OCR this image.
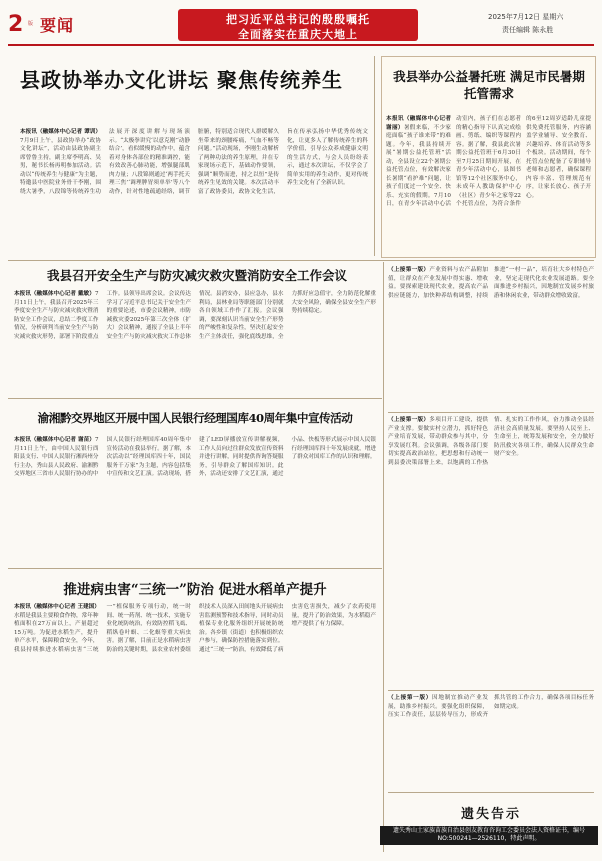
2 版 要闻	把习近平总书记的殷殷嘱托
全面落实在重庆大地上
2025年7月12日 星期六
责任编辑 陈永胜
县政协举办文化讲坛 聚焦传统养生
本报讯（融媒体中心记者 谭训）7月9日上午，县政协举办“政协文化讲坛”，活动由县政协副主席曾鲁主持，副主席李明高、吴男，秘书长杨再明参加活动。活动以“传统养生与健康”为主题，特邀县中医院业务骨干李刚，围绕大暑季，八段锦等传统养生功法展开深度讲解与现场演示。“太极拳讲究‘以意克刚’‘动静结合’，看似缓慢的动作中，蕴含着对身体各部位的精准调控，能有效改善心肺功能，增强腿部肌肉力量；八段锦则通过‘两手托天理三焦’‘调理脾胃须单举’等八个动作，针对性地疏通经络，调节脏腑，特别适合现代人群缓解久坐带来的颈腰疼痛，气血不畅等问题。”活动现场，李刚生动解析了两种功法的养生原理，并在专家现场示范下，基础动作要领，强调“顺势而进，持之以恒”是传统养生见效的关键。本次活动丰富了政协委员，政协文化生活，旨在传承弘扬中华优秀传统文化，让更多人了解传统养生的科学价值，引导公众养成健康文明的生活方式，与会人员纷纷表示，通过本次讲坛，不仅学会了简单实用的养生动作，更对传统养生文化有了全新认识。
我县举办公益暑托班 满足市民暑期托管需求
本报讯（融媒体中心记者 谢丽）暑假来临，不少家庭面临“孩子谁来带”的难题。今年，我县持续开展“暑期公益托管班”活动，全县设立22个暑期公益托管点位，有效解决家长暑期“看护难”问题，让孩子们度过一个安全、快乐、充实的假期。7月10日，在青少年活动中心活动室内，孩子们在志愿者的精心指导下认真完成绘画、剪纸、编织等课程内容。据了解，我县此次暑期公益托管班于6月30日至7月25日期间开展，在青少年活动中心，县图书馆等12个社区服务中心，未成年人教助保护中心（社区）青少年之家等22个托管点位，为符合条件的6至12周岁适龄儿童提供免费托管服务，内容涵盖学业辅导、安全教育、兴趣培养、体育活动等多个板块。活动期间，每个托管点位配备了专职辅导老师和志愿者，确保课程内容丰富、管理规范有序，让家长放心、孩子开心。
我县召开安全生产与防灾减灾救灾暨消防安全工作会议
本报讯（融媒体中心记者 戴敏）7月11日上午，我县召开2025年三季度安全生产与防灾减灾救灾暨消防安全工作会议，总结二季度工作情况，分析研判当前安全生产与防灾减灾救灾形势，部署下阶段重点工作。县领导出席会议。会议传达学习了习近平总书记关于安全生产的重要论述，市委会议精神，市防减救灾委2025年第三次全体（扩大）会议精神，通报了全县上半年安全生产与防灾减灾救灾工作总体情况。县消安办，县应急办，县水利局，县林业局等职能部门分别就各自领域工作作了汇报。会议强调，要深刻认识当前安全生产形势的严峻性和复杂性，坚决扛起安全生产主体责任，强化底线思维，全力抓好应急值守，全力防范化解重大安全风险，确保全县安全生产形势持续稳定。
渝湘黔交界地区开展中国人民银行经理国库40周年集中宣传活动
本报讯（融媒体中心记者 谢苗）7月11日上午，由中国人民银行酉阳县支行、中国人民银行湘西州分行主办，秀山县人民政府、渝湘黔交界地区三省市人民银行协办的中国人民银行经理国库40周年集中宣传活动在我县举行。据了解，本次活动以“经理国库四十年，国民服务千万家”为主题，内容包括集中宣传和文艺汇演。活动现场，搭建了LED屏播放宣传讲解视频，工作人员向过往群众发放宣传资料并进行讲解，同时提供咨询答疑服务，引导群众了解国库知识。此外，活动还安排了文艺汇演，通过小品、快板等形式展示中国人民银行经理国库四十年发展成就，增进了群众对国库工作的认识和理解。
推进病虫害“三统一”防治 促进水稻单产提升
本报讯（融媒体中心记者 王建国）水稻是我县主要粮食作物，常年种植面积在27万亩以上，产量超过15万吨。为促进水稻生产，提升单产水平，保障粮食安全，今年，我县持续推进水稻病虫害“三统一”植保服务专项行动，统一时间、统一药剂、统一技术，实施专业化统防统治，有效防控稻飞虱、稻纵卷叶螟、二化螟等重大病虫害。据了解，目前正是水稻病虫害防治的关键时期，县农业农村委组织技术人员深入田间地头开展病虫害监测预警和技术指导，同时动员植保专业化服务组织开展统防统治。各乡镇（街道）也积极组织农户参与，确保防控措施落实到位。通过“三统一”防治，有效降低了病虫害危害损失，减少了农药使用量，提升了防治效果，为水稻稳产增产提供了有力保障。
（上接第一版）产业资料与农产品附加值，让群众在产业发展中得实惠、增收益。要探索建设现代农业，提高农产品供应链能力，加快种养结构调整，持续推进“一村一品”，培育壮大乡村特色产业，坚定走现代化农业发展道路。要全面推进乡村振兴，因地制宜发展乡村旅游和休闲农业，带动群众增收致富。
（上接第一版）多项目开工建设，提供产业支撑。要做实村立潜力，抓好特色产业培育发展，带动群众参与其中，分享发展红利。会议强调，各级各部门要切实提高政治站位，把思想和行动统一到县委决策部署上来，以饱满的工作热情、扎实的工作作风，奋力推动全县经济社会高质量发展。要坚持人民至上、生命至上，统筹发展和安全，全力做好防汛救灾各项工作，确保人民群众生命财产安全。
（上接第一版）因地制宜推动产业发展，助推乡村振兴。要强化组织保障，压实工作责任，层层传导压力，形成齐抓共管的工作合力，确保各项目标任务如期完成。
遗失告示
遗失秀山土家族苗族自治县创友教育咨询工会委员会法人资格证书，编号NO:500241—2526110，特此声明。
